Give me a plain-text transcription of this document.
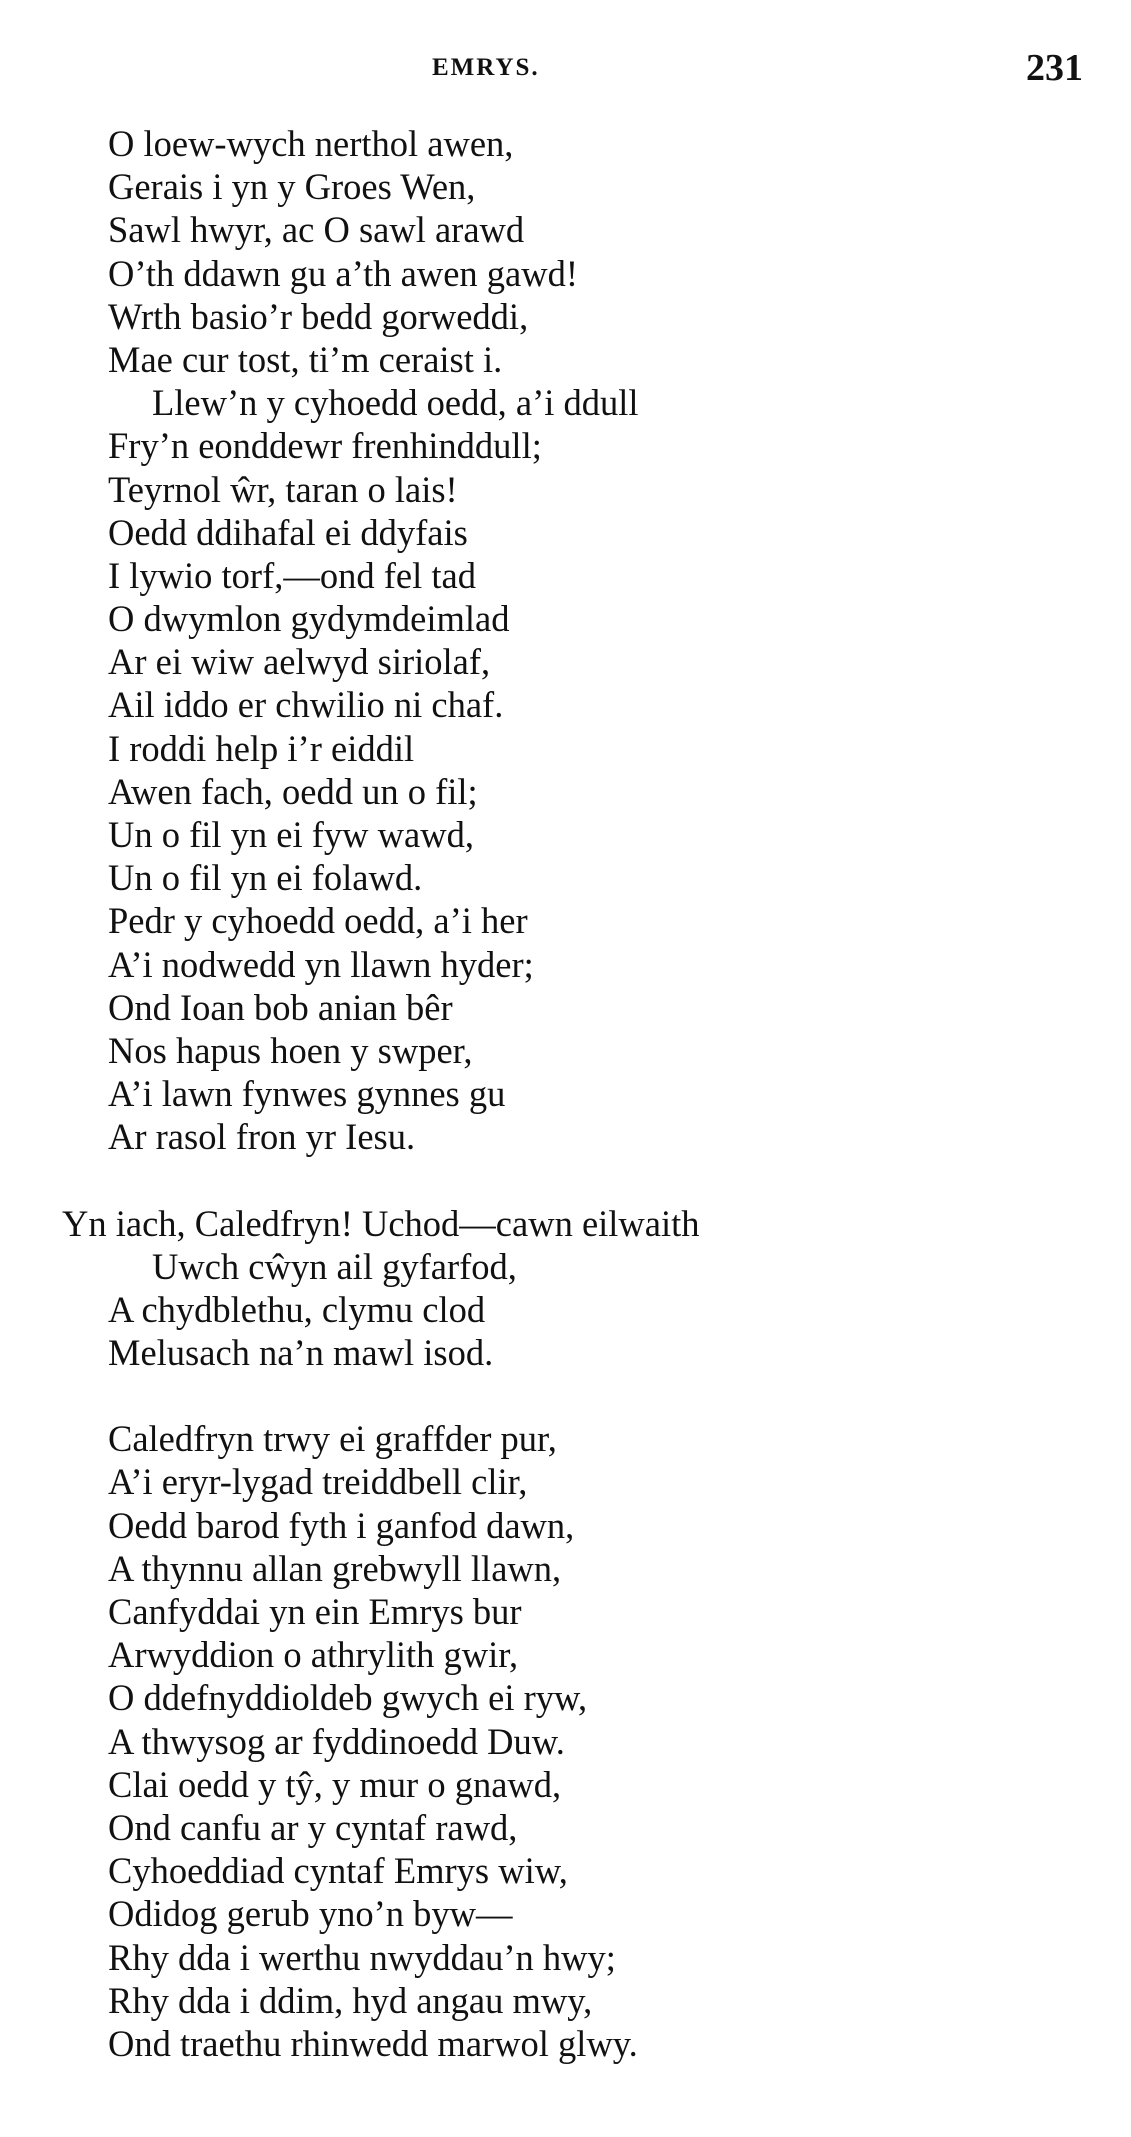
EMRYS.	231
O loew-wych nerthol awen,
Gerais i yn y Groes Wen,
Sawl hwyr, ac O sawl arawd
O’th ddawn gu a’th awen gawd!
Wrth basio’r bedd gorweddi,
Mae cur tost, ti’m ceraist i.
Llew’n y cyhoedd oedd, a’i ddull
Fry’n eonddewr frenhinddull;
Teyrnol ŵr, taran o lais!
Oedd ddihafal ei ddyfais
I lywio torf,—ond fel tad
O dwymlon gydymdeimlad
Ar ei wiw aelwyd siriolaf,
Ail iddo er chwilio ni chaf.
I roddi help i’r eiddil
Awen fach, oedd un o fil;
Un o fil yn ei fyw wawd,
Un o fil yn ei folawd.
Pedr y cyhoedd oedd, a’i her
A’i nodwedd yn llawn hyder;
Ond Ioan bob anian bêr
Nos hapus hoen y swper,
A’i lawn fynwes gynnes gu
Ar rasol fron yr Iesu.
Yn iach, Caledfryn! Uchod—cawn eilwaith
Uwch cŵyn ail gyfarfod,
A chydblethu, clymu clod
Melusach na’n mawl isod.
Caledfryn trwy ei graffder pur,
A’i eryr-lygad treiddbell clir,
Oedd barod fyth i ganfod dawn,
A thynnu allan grebwyll llawn,
Canfyddai yn ein Emrys bur
Arwyddion o athrylith gwir,
O ddefnyddioldeb gwych ei ryw,
A thwysog ar fyddinoedd Duw.
Clai oedd y tŷ, y mur o gnawd,
Ond canfu ar y cyntaf rawd,
Cyhoeddiad cyntaf Emrys wiw,
Odidog gerub yno’n byw—
Rhy dda i werthu nwyddau’n hwy;
Rhy dda i ddim, hyd angau mwy,
Ond traethu rhinwedd marwol glwy.
